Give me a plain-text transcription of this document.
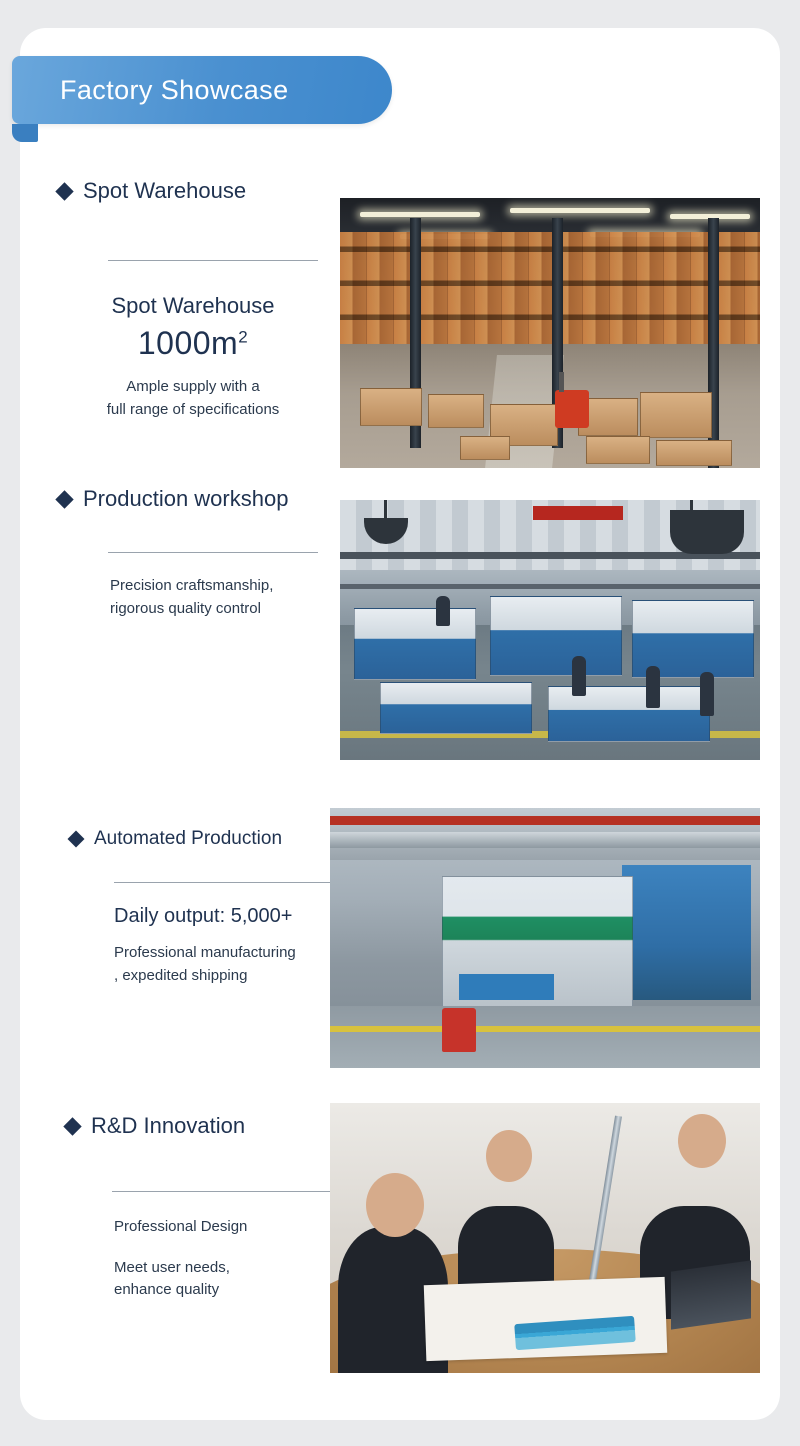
Factory Showcase
Spot Warehouse
Spot Warehouse
$1000m^2$
Ample supply with a
full range of specifications
Production workshop
Precision craftsmanship,
rigorous quality control
Automated Production
Daily output: 5,000+
Professional manufacturing
, expedited shipping
R&D Innovation
Professional Design
Meet user needs,
enhance quality
